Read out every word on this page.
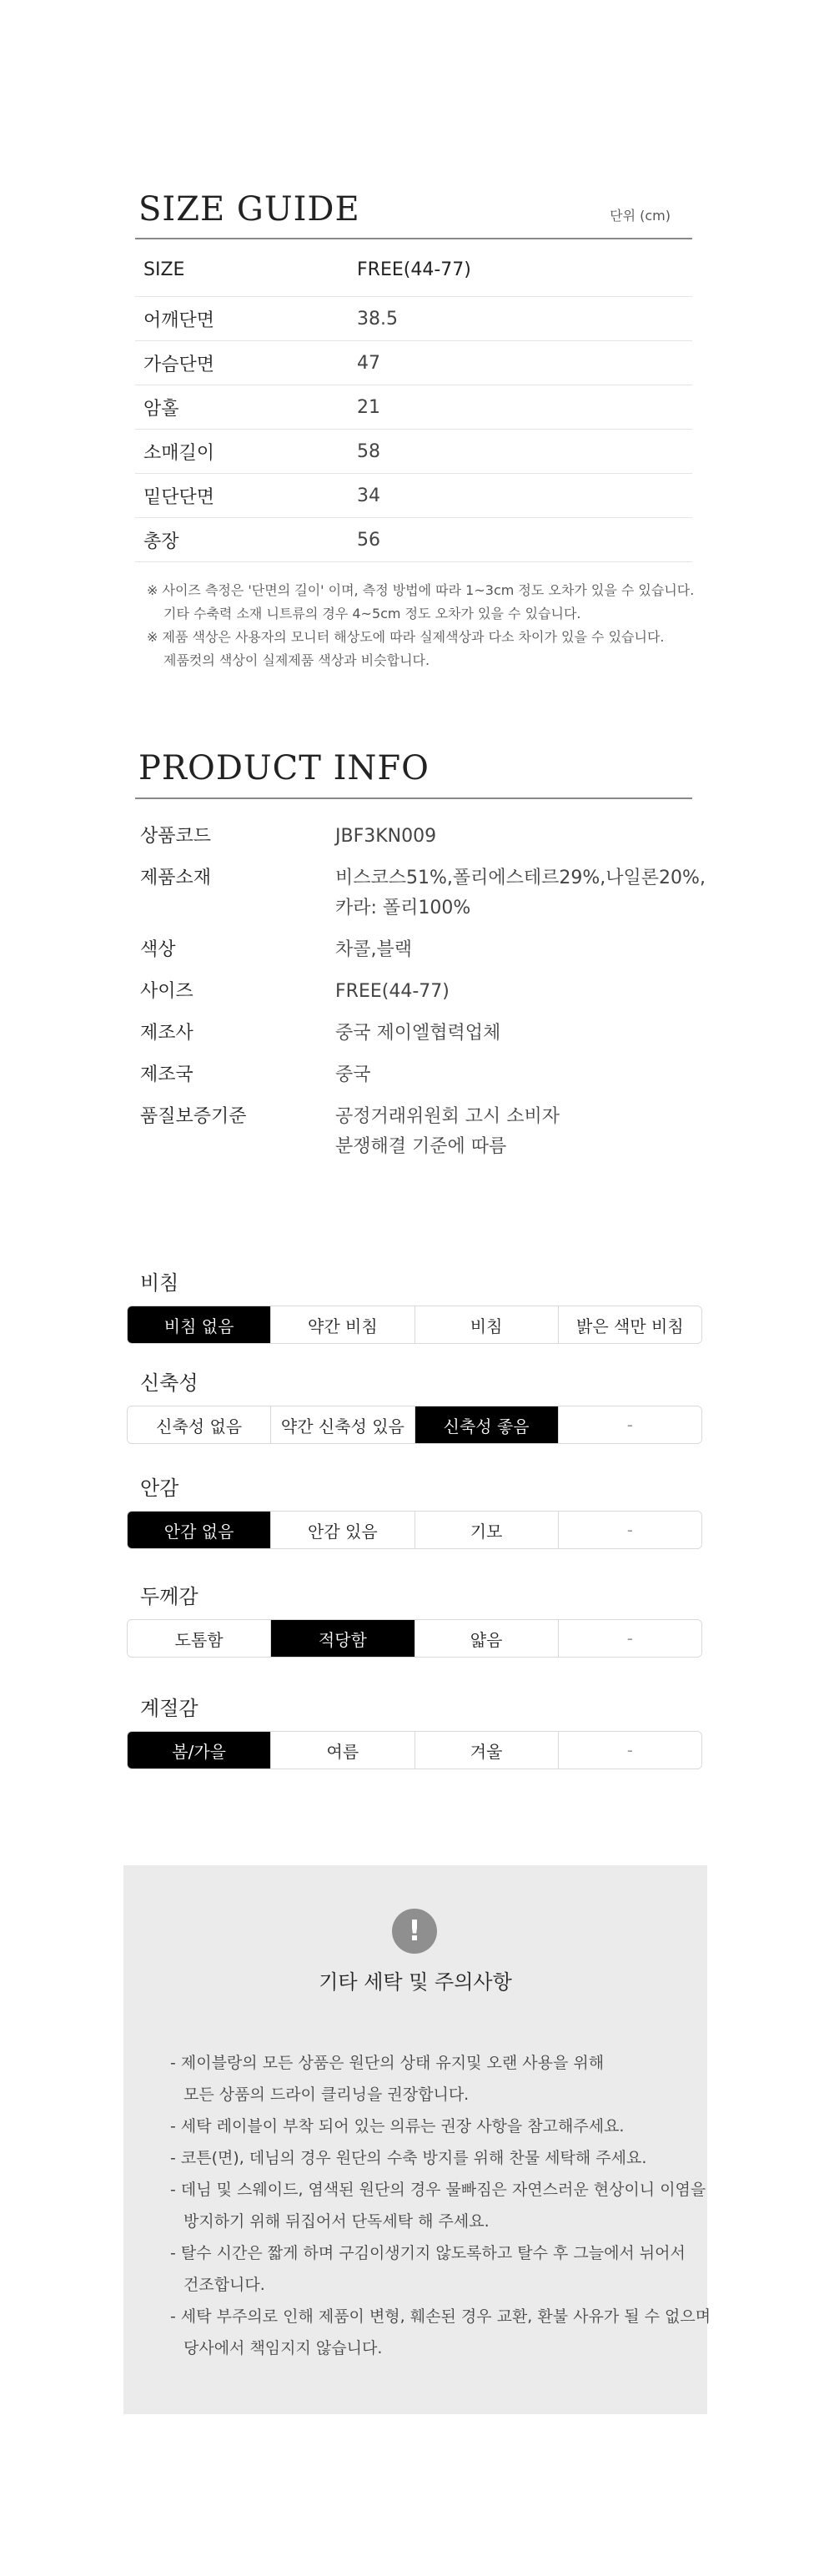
SIZE GUIDE	단위 (cm)
SIZE	FREE(44-77)
어깨단면	38.5
가슴단면	47
암홀	21
소매길이	58
밑단단면	34
총장	56
※ 사이즈 측정은 '단면의 길이' 이며, 측정 방법에 따라 1~3cm 정도 오차가 있을 수 있습니다.
기타 수축력 소재 니트류의 경우 4~5cm 정도 오차가 있을 수 있습니다.
※ 제품 색상은 사용자의 모니터 해상도에 따라 실제색상과 다소 차이가 있을 수 있습니다.
제품컷의 색상이 실제제품 색상과 비슷합니다.
PRODUCT INFO
상품코드	JBF3KN009
제품소재	비스코스51%,폴리에스테르29%,나일론20%,
카라: 폴리100%
색상	차콜,블랙
사이즈	FREE(44-77)
제조사	중국 제이엘협력업체
제조국	중국
품질보증기준	공정거래위원회 고시 소비자
분쟁해결 기준에 따름
비침
비침 없음	약간 비침	비침	밝은 색만 비침
신축성
신축성 없음	약간 신축성 있음	신축성 좋음	-
안감
안감 없음	안감 있음	기모	-
두께감
도톰함	적당함	얇음	-
계절감
봄/가을	여름	겨울	-
!
기타 세탁 및 주의사항
- 제이블랑의 모든 상품은 원단의 상태 유지및 오랜 사용을 위해
모든 상품의 드라이 클리닝을 권장합니다.
- 세탁 레이블이 부착 되어 있는 의류는 권장 사항을 참고해주세요.
- 코튼(면), 데님의 경우 원단의 수축 방지를 위해 찬물 세탁해 주세요.
- 데님 및 스웨이드, 염색된 원단의 경우 물빠짐은 자연스러운 현상이니 이염을
방지하기 위해 뒤집어서 단독세탁 해 주세요.
- 탈수 시간은 짧게 하며 구김이생기지 않도록하고 탈수 후 그늘에서 뉘어서
건조합니다.
- 세탁 부주의로 인해 제품이 변형, 훼손된 경우 교환, 환불 사유가 될 수 없으며
당사에서 책임지지 않습니다.
